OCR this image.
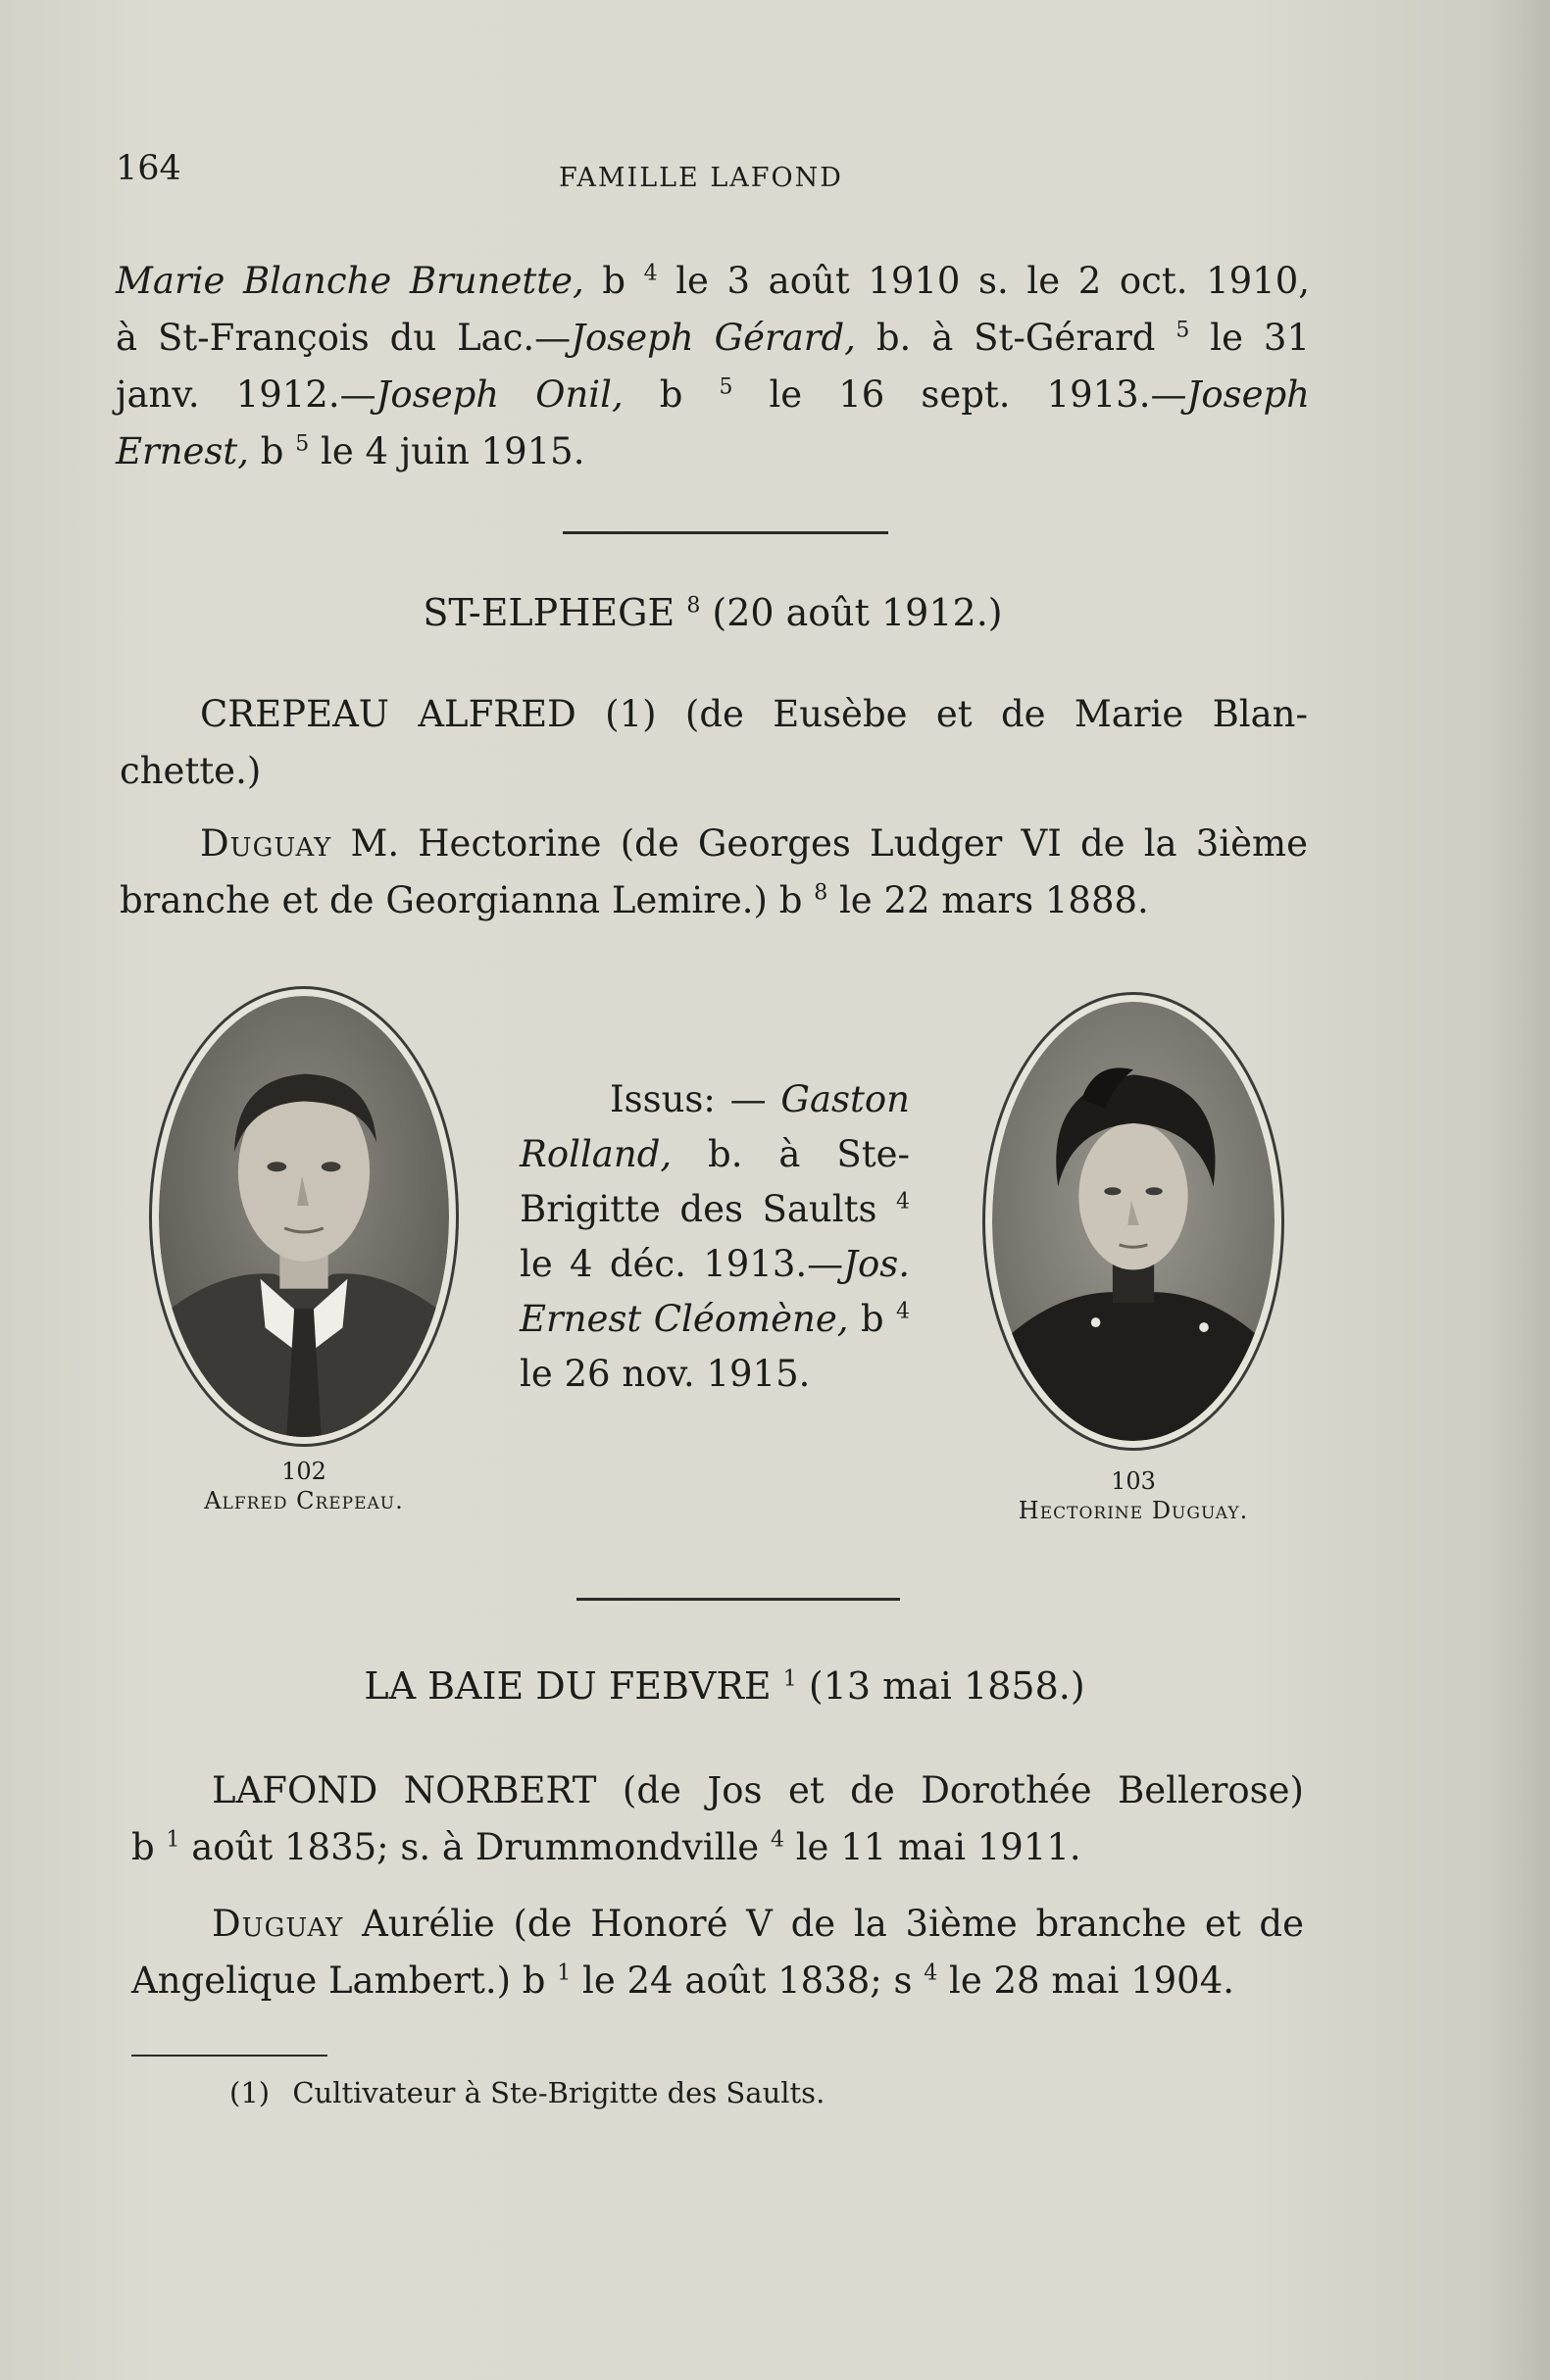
164	FAMILLE LAFOND
Marie Blanche Brunette, b $^4$ le 3 août 1910 s. le 2 oct. 1910,
à St-François du Lac.—Joseph Gérard, b. à St-Gérard $^5$ le 31
janv. 1912.—Joseph Onil, b $^5$ le 16 sept. 1913.—Joseph
Ernest, b $^5$ le 4 juin 1915.
ST-ELPHEGE $^8$ (20 août 1912.)
CREPEAU ALFRED (1) (de Eusèbe et de Marie Blan-
chette.)
Duguay M. Hectorine (de Georges Ludger VI de la 3ième
branche et de Georgianna Lemire.) b $^8$ le 22 mars 1888.
102
Alfred Crepeau.
Issus: — Gaston
Rolland, b. à Ste-
Brigitte des Saults $^4$
le 4 déc. 1913.—Jos.
Ernest Cléomène, b $^4$
le 26 nov. 1915.
103
Hectorine Duguay.
LA BAIE DU FEBVRE $^1$ (13 mai 1858.)
LAFOND NORBERT (de Jos et de Dorothée Bellerose)
b $^1$ août 1835; s. à Drummondville $^4$ le 11 mai 1911.
Duguay Aurélie (de Honoré V de la 3ième branche et de
Angelique Lambert.) b $^1$ le 24 août 1838; s $^4$ le 28 mai 1904.
(1) Cultivateur à Ste-Brigitte des Saults.
